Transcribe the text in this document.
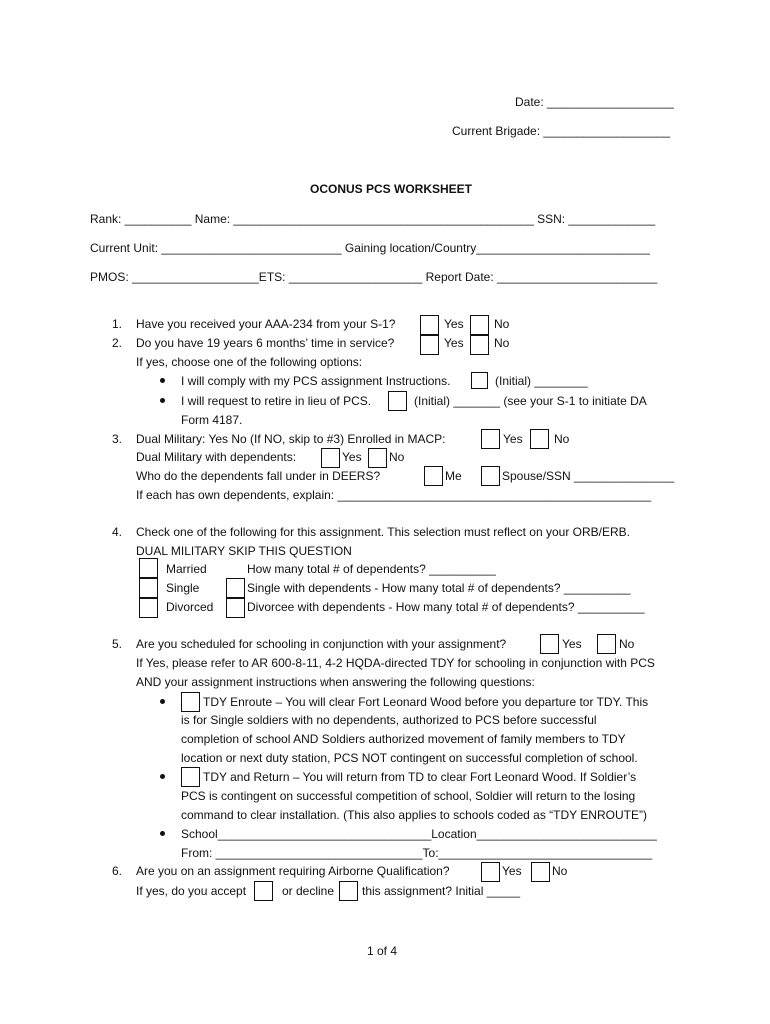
Date: ___________________
Current Brigade: ___________________
OCONUS PCS WORKSHEET
Rank: __________ Name: _____________________________________________ SSN: _____________
Current Unit: ___________________________ Gaining location/Country__________________________
PMOS: ___________________ETS: ____________________ Report Date: ________________________
1. Have you received your AAA-234 from your S-1?	Yes	No
2. Do you have 19 years 6 months’ time in service?	Yes	No
If yes, choose one of the following options:
I will comply with my PCS assignment Instructions.	(Initial) ________
I will request to retire in lieu of PCS.	(Initial) _______ (see your S-1 to initiate DA
Form 4187.
3. Dual Military: Yes No (If NO, skip to #3) Enrolled in MACP:	Yes	No
Dual Military with dependents:	Yes No
Who do the dependents fall under in DEERS?	Me	Spouse/SSN _______________
If each has own dependents, explain: _______________________________________________
4. Check one of the following for this assignment. This selection must reflect on your ORB/ERB.
DUAL MILITARY SKIP THIS QUESTION
Married	How many total # of dependents? __________
Single	Single with dependents - How many total # of dependents? __________
Divorced	Divorcee with dependents - How many total # of dependents? __________
5. Are you scheduled for schooling in conjunction with your assignment?	Yes	No
If Yes, please refer to AR 600-8-11, 4-2 HQDA-directed TDY for schooling in conjunction with PCS
AND your assignment instructions when answering the following questions:
TDY Enroute – You will clear Fort Leonard Wood before you departure tor TDY. This
is for Single soldiers with no dependents, authorized to PCS before successful
completion of school AND Soldiers authorized movement of family members to TDY
location or next duty station, PCS NOT contingent on successful completion of school.
TDY and Return – You will return from TD to clear Fort Leonard Wood. If Soldier’s
PCS is contingent on successful competition of school, Soldier will return to the losing
command to clear installation. (This also applies to schools coded as “TDY ENROUTE”)
School________________________________Location___________________________
From: _______________________________To:________________________________
6. Are you on an assignment requiring Airborne Qualification?	Yes	No
If yes, do you accept	or decline this assignment? Initial _____
1 of 4
